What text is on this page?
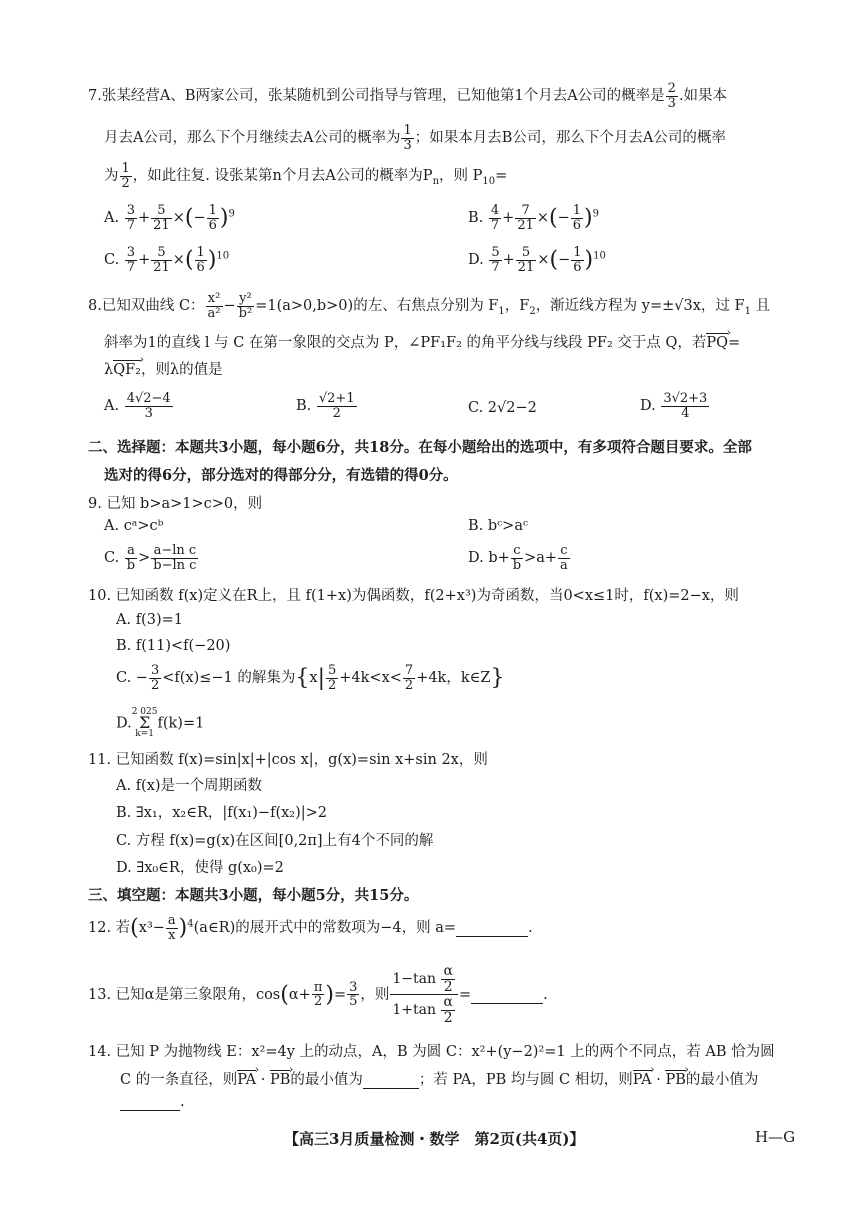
7.张某经营A、B两家公司，张某随机到公司指导与管理，已知他第1个月去A公司的概率是 $\frac{2}{3}$ .如果本
月去A公司，那么下个月继续去A公司的概率为 $\frac{1}{3}$ ；如果本月去B公司，那么下个月去A公司的概率
为 $\frac{1}{2}$ ，如此往复. 设张某第n个月去A公司的概率为$P_n$，则 $P_{10}=$
A. $\frac{3}{7} + \frac{5}{21}$ ×(− $\frac{1}{6} )^9$	B. $\frac{4}{7} + \frac{7}{21}$ ×(− $\frac{1}{6} )^9$
C. $\frac{3}{7} + \frac{5}{21}$ ×( $\frac{1}{6} )^{10}$	D. $\frac{5}{7} + \frac{5}{21}$ ×(− $\frac{1}{6} )^{10}$
8.已知双曲线 C： $\frac{\text{x²}}{\text{a²}} - \frac{\text{y²}}{\text{b²}} =1(a>0,b>0)$的左、右焦点分别为 $F_1$，$F_2$，渐近线方程为 y=±√3x，过 $F_1$ 且
斜率为1的直线 l 与 C 在第一象限的交点为 P，∠PF₁F₂ 的角平分线与线段 PF₂ 交于点 Q，若PQ ›=
λQF₂ ›，则λ的值是
A. $\frac{4√2-4}{3}$	B. $\frac{√2+1}{2}$	C. 2√2−2	D. $\frac{3√2+3}{4}$
二、选择题：本题共3小题，每小题6分，共18分。在每小题给出的选项中，有多项符合题目要求。全部
选对的得6分，部分选对的得部分分，有选错的得0分。
9. 已知 b>a>1>c>0，则
A. cᵃ>cᵇ	B. bᶜ>aᶜ
C. $\frac{a}{b} > \frac{\text{a−ln c}}{\text{b−ln c}}$	D. $b+ \frac{c}{b} >a+ \frac{c}{a}$
10. 已知函数 f(x)定义在R上，且 f(1+x)为偶函数，f(2+x³)为奇函数，当0<x≤1时，f(x)=2−x，则
A. f(3)=1
B. f(11)<f(−20)
C. − $\frac{3}{2} <f(x)\le-1$ 的解集为{$x| \frac{5}{2} +4k<x< \frac{7}{2} +4k$，k∈Z}
D.2 025
Σ
k=1f(k)=1
11. 已知函数 f(x)=sin|x|+|cos x|，g(x)=sin x+sin 2x，则
A. f(x)是一个周期函数
B. ∃x₁，x₂∈R，|f(x₁)−f(x₂)|>2
C. 方程 f(x)=g(x)在区间[0,2π]上有4个不同的解
D. ∃x₀∈R，使得 g(x₀)=2
三、填空题：本题共3小题，每小题5分，共15分。
12. 若($x^3- \frac{a}{x}$ )$^4(a\in R)$的展开式中的常数项为−4，则 a=	.
13. 已知α是第三象限角，$\cos(\alpha+ \frac{\pi}{2}$ )= $\frac{3}{5}$ ，则 $\frac{1-\tan \frac{\alpha}{2}}{1+\tan \frac{\alpha}{2}}$ =	.
14. 已知 P 为抛物线 E：x²=4y 上的动点，A，B 为圆 C：x²+(y−2)²=1 上的两个不同点，若 AB 恰为圆
C 的一条直径，则PA › · PB ›的最小值为	；若 PA，PB 均与圆 C 相切，则PA › · PB ›的最小值为
.
【高三3月质量检测・数学　第2页(共4页)】	H—G
